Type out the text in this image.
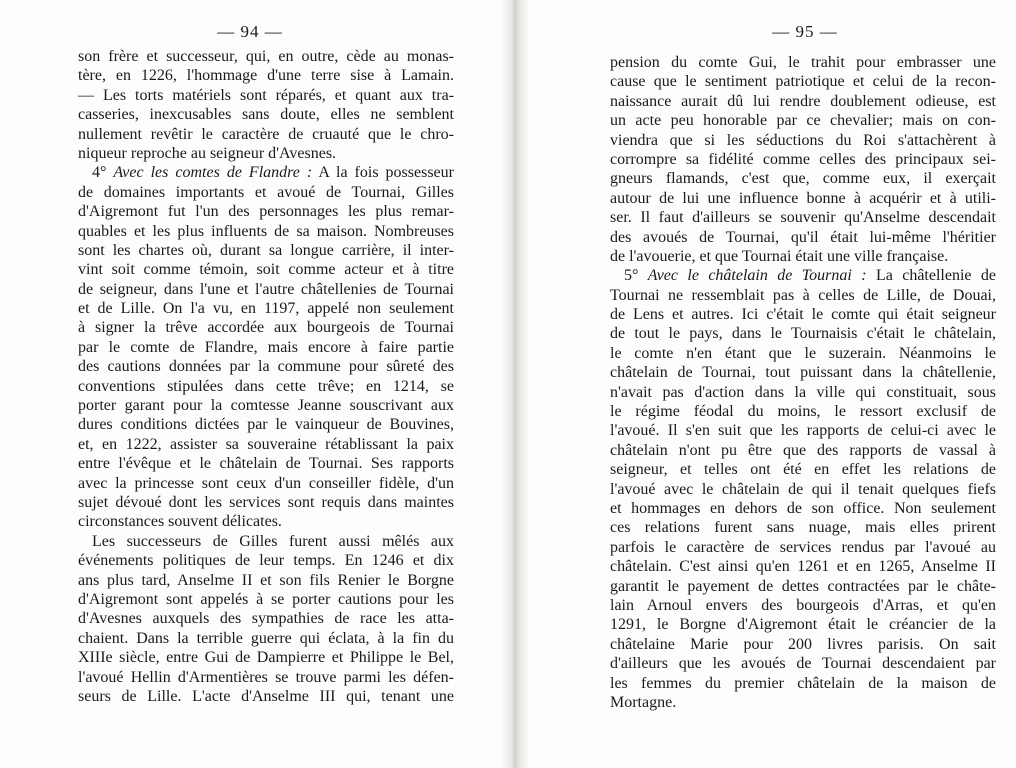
— 94 —
son frère et successeur, qui, en outre, cède au monas-
tère, en 1226, l'hommage d'une terre sise à Lamain.
— Les torts matériels sont réparés, et quant aux tra-
casseries, inexcusables sans doute, elles ne semblent
nullement revêtir le caractère de cruauté que le chro-
niqueur reproche au seigneur d'Avesnes.
4° Avec les comtes de Flandre : A la fois possesseur
de domaines importants et avoué de Tournai, Gilles
d'Aigremont fut l'un des personnages les plus remar-
quables et les plus influents de sa maison. Nombreuses
sont les chartes où, durant sa longue carrière, il inter-
vint soit comme témoin, soit comme acteur et à titre
de seigneur, dans l'une et l'autre châtellenies de Tournai
et de Lille. On l'a vu, en 1197, appelé non seulement
à signer la trêve accordée aux bourgeois de Tournai
par le comte de Flandre, mais encore à faire partie
des cautions données par la commune pour sûreté des
conventions stipulées dans cette trêve; en 1214, se
porter garant pour la comtesse Jeanne souscrivant aux
dures conditions dictées par le vainqueur de Bouvines,
et, en 1222, assister sa souveraine rétablissant la paix
entre l'évêque et le châtelain de Tournai. Ses rapports
avec la princesse sont ceux d'un conseiller fidèle, d'un
sujet dévoué dont les services sont requis dans maintes
circonstances souvent délicates.
Les successeurs de Gilles furent aussi mêlés aux
événements politiques de leur temps. En 1246 et dix
ans plus tard, Anselme II et son fils Renier le Borgne
d'Aigremont sont appelés à se porter cautions pour les
d'Avesnes auxquels des sympathies de race les atta-
chaient. Dans la terrible guerre qui éclata, à la fin du
XIIIe siècle, entre Gui de Dampierre et Philippe le Bel,
l'avoué Hellin d'Armentières se trouve parmi les défen-
seurs de Lille. L'acte d'Anselme III qui, tenant une
— 95 —
pension du comte Gui, le trahit pour embrasser une
cause que le sentiment patriotique et celui de la recon-
naissance aurait dû lui rendre doublement odieuse, est
un acte peu honorable par ce chevalier; mais on con-
viendra que si les séductions du Roi s'attachèrent à
corrompre sa fidélité comme celles des principaux sei-
gneurs flamands, c'est que, comme eux, il exerçait
autour de lui une influence bonne à acquérir et à utili-
ser. Il faut d'ailleurs se souvenir qu'Anselme descendait
des avoués de Tournai, qu'il était lui-même l'héritier
de l'avouerie, et que Tournai était une ville française.
5° Avec le châtelain de Tournai : La châtellenie de
Tournai ne ressemblait pas à celles de Lille, de Douai,
de Lens et autres. Ici c'était le comte qui était seigneur
de tout le pays, dans le Tournaisis c'était le châtelain,
le comte n'en étant que le suzerain. Néanmoins le
châtelain de Tournai, tout puissant dans la châtellenie,
n'avait pas d'action dans la ville qui constituait, sous
le régime féodal du moins, le ressort exclusif de
l'avoué. Il s'en suit que les rapports de celui-ci avec le
châtelain n'ont pu être que des rapports de vassal à
seigneur, et telles ont été en effet les relations de
l'avoué avec le châtelain de qui il tenait quelques fiefs
et hommages en dehors de son office. Non seulement
ces relations furent sans nuage, mais elles prirent
parfois le caractère de services rendus par l'avoué au
châtelain. C'est ainsi qu'en 1261 et en 1265, Anselme II
garantit le payement de dettes contractées par le châte-
lain Arnoul envers des bourgeois d'Arras, et qu'en
1291, le Borgne d'Aigremont était le créancier de la
châtelaine Marie pour 200 livres parisis. On sait
d'ailleurs que les avoués de Tournai descendaient par
les femmes du premier châtelain de la maison de
Mortagne.
